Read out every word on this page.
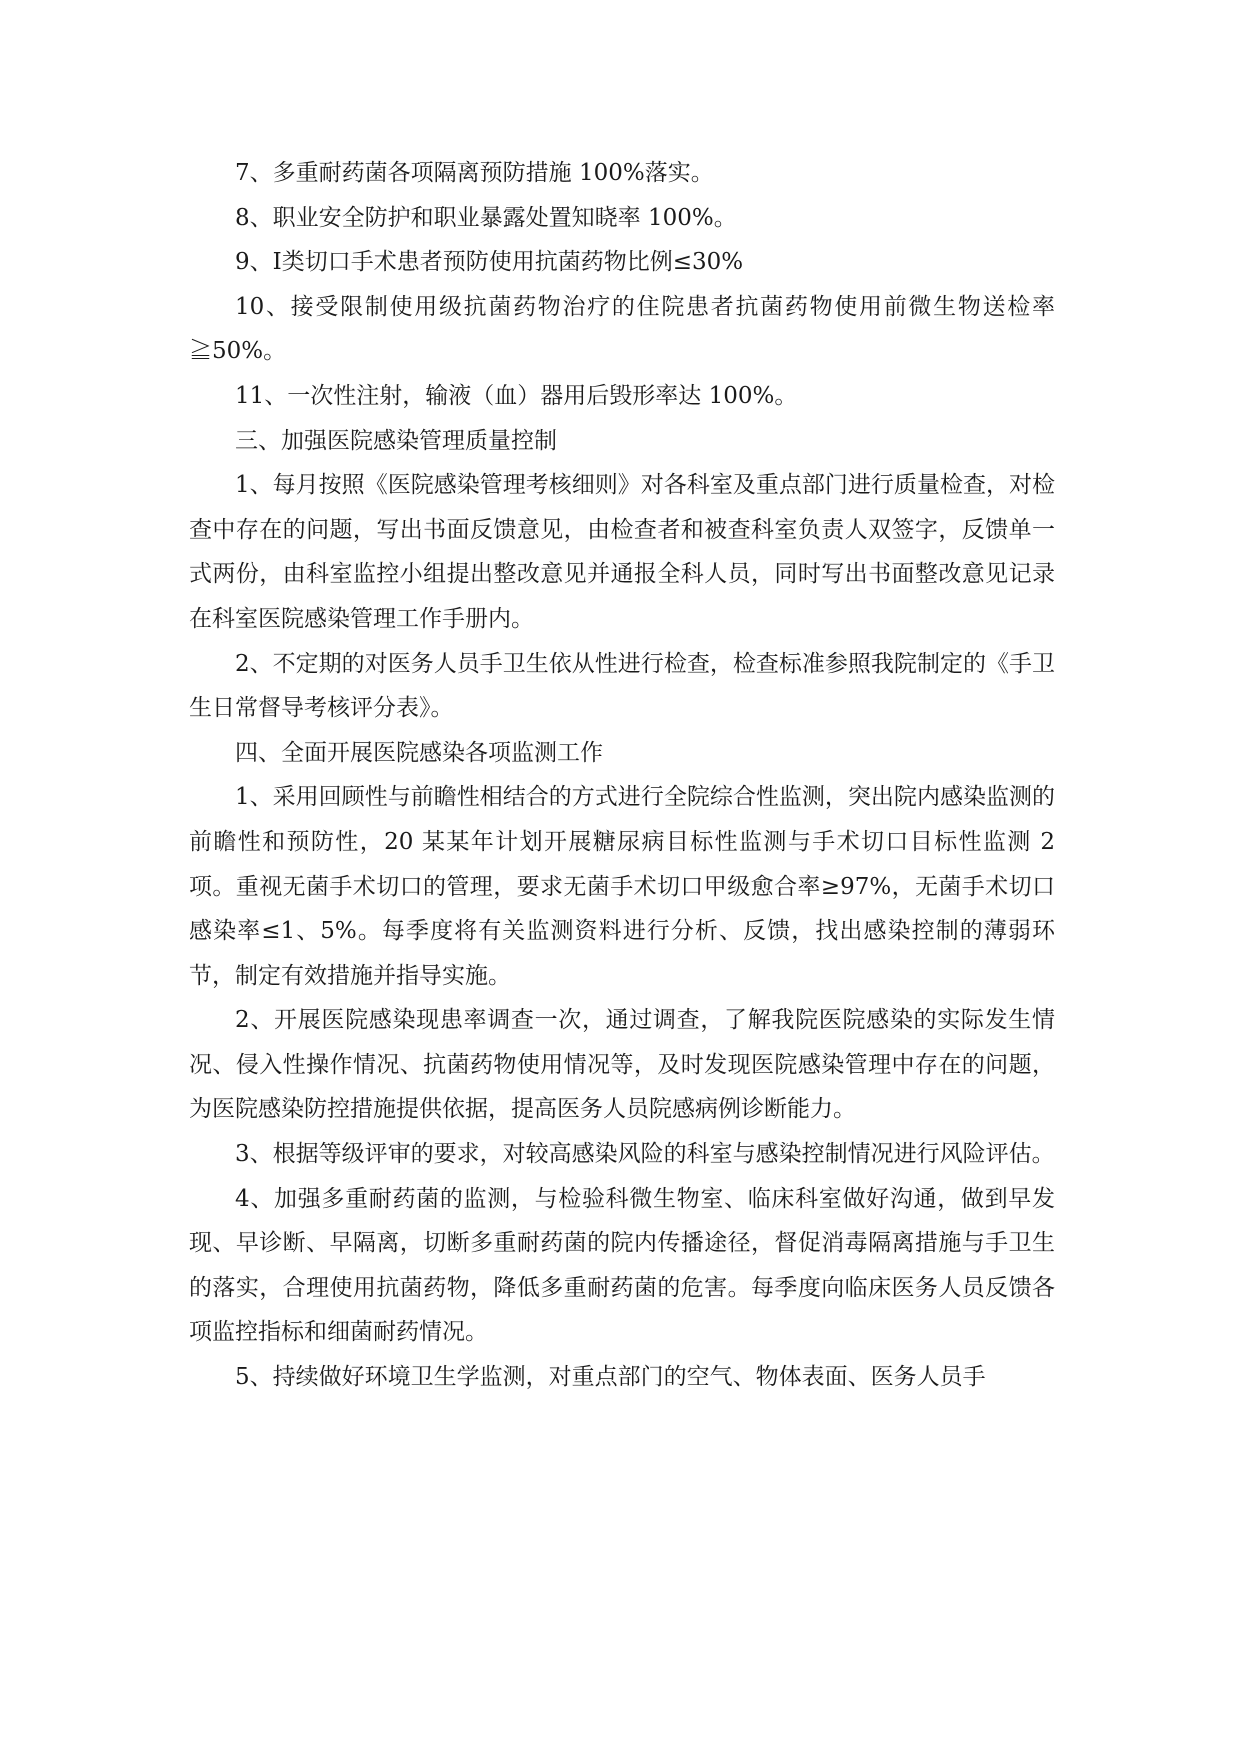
7、多重耐药菌各项隔离预防措施 100%落实。

8、职业安全防护和职业暴露处置知晓率 100%。

9、Ⅰ类切口手术患者预防使用抗菌药物比例≤30%

10、接受限制使用级抗菌药物治疗的住院患者抗菌药物使用前微生物送检率≧50%。

11、一次性注射，输液（血）器用后毁形率达 100%。

三、加强医院感染管理质量控制

1、每月按照《医院感染管理考核细则》对各科室及重点部门进行质量检查，对检查中存在的问题，写出书面反馈意见，由检查者和被查科室负责人双签字，反馈单一式两份，由科室监控小组提出整改意见并通报全科人员，同时写出书面整改意见记录在科室医院感染管理工作手册内。

2、不定期的对医务人员手卫生依从性进行检查，检查标准参照我院制定的《手卫生日常督导考核评分表》。

四、全面开展医院感染各项监测工作

1、采用回顾性与前瞻性相结合的方式进行全院综合性监测，突出院内感染监测的前瞻性和预防性，20 某某年计划开展糖尿病目标性监测与手术切口目标性监测 2 项。重视无菌手术切口的管理，要求无菌手术切口甲级愈合率≥97%，无菌手术切口感染率≤1、5%。每季度将有关监测资料进行分析、反馈，找出感染控制的薄弱环节，制定有效措施并指导实施。

2、开展医院感染现患率调查一次，通过调查，了解我院医院感染的实际发生情况、侵入性操作情况、抗菌药物使用情况等，及时发现医院感染管理中存在的问题，为医院感染防控措施提供依据，提高医务人员院感病例诊断能力。

3、根据等级评审的要求，对较高感染风险的科室与感染控制情况进行风险评估。

4、加强多重耐药菌的监测，与检验科微生物室、临床科室做好沟通，做到早发现、早诊断、早隔离，切断多重耐药菌的院内传播途径，督促消毒隔离措施与手卫生的落实，合理使用抗菌药物，降低多重耐药菌的危害。每季度向临床医务人员反馈各项监控指标和细菌耐药情况。

5、持续做好环境卫生学监测，对重点部门的空气、物体表面、医务人员手
